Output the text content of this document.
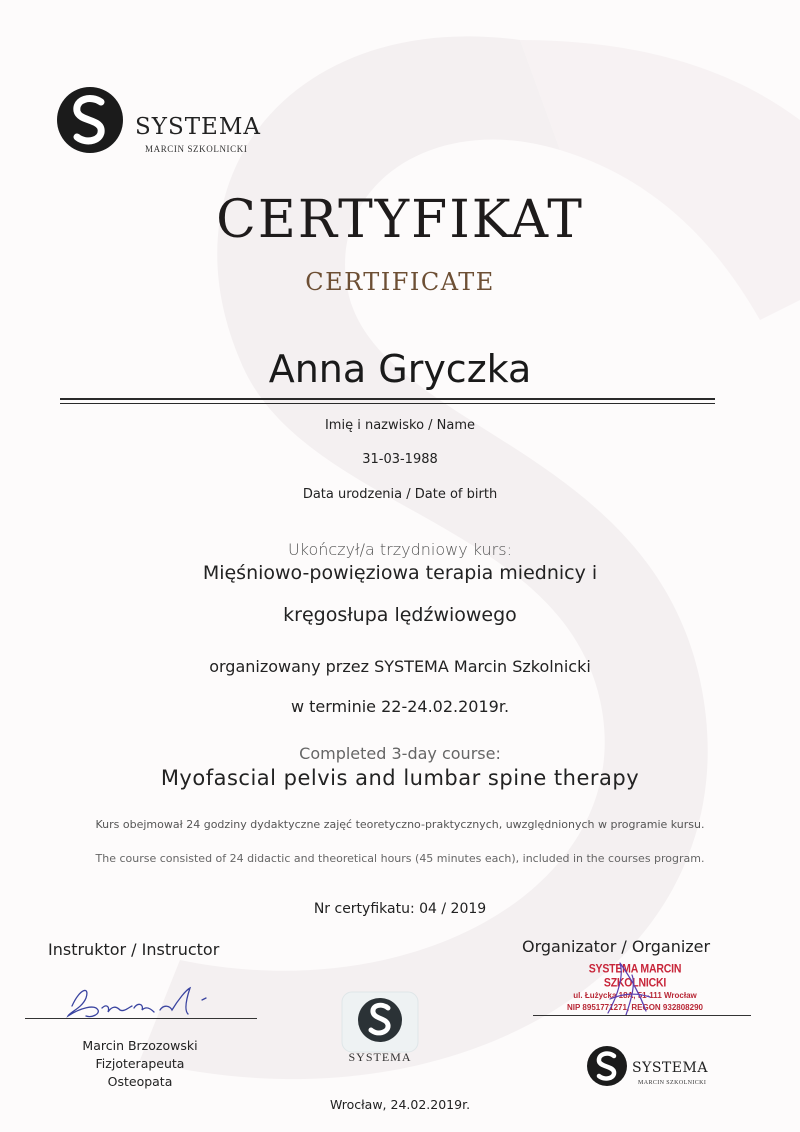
SYSTEMA
MARCIN SZKOLNICKI
CERTYFIKAT
CERTIFICATE
Anna Gryczka
Imię i nazwisko / Name
31-03-1988
Data urodzenia / Date of birth
Ukończył/a trzydniowy kurs:
Mięśniowo-powięziowa terapia miednicy i
kręgosłupa lędźwiowego
organizowany przez SYSTEMA Marcin Szkolnicki
w terminie 22-24.02.2019r.
Completed 3-day course:
Myofascial pelvis and lumbar spine therapy
Kurs obejmował 24 godziny dydaktyczne zajęć teoretyczno-praktycznych, uwzględnionych w programie kursu.
The course consisted of 24 didactic and theoretical hours (45 minutes each), included in the courses program.
Nr certyfikatu: 04 / 2019
Instruktor / Instructor	Organizator / Organizer
Marcin Brzozowski
Fizjoterapeuta
Osteopata
SYSTEMA MARCIN SZKOLNICKI
ul. Łużycka 18A, 51-111 Wrocław
NIP 8951771271, REGON 932808290
SYSTEMA
SYSTEMA
MARCIN SZKOLNICKI
Wrocław, 24.02.2019r.
